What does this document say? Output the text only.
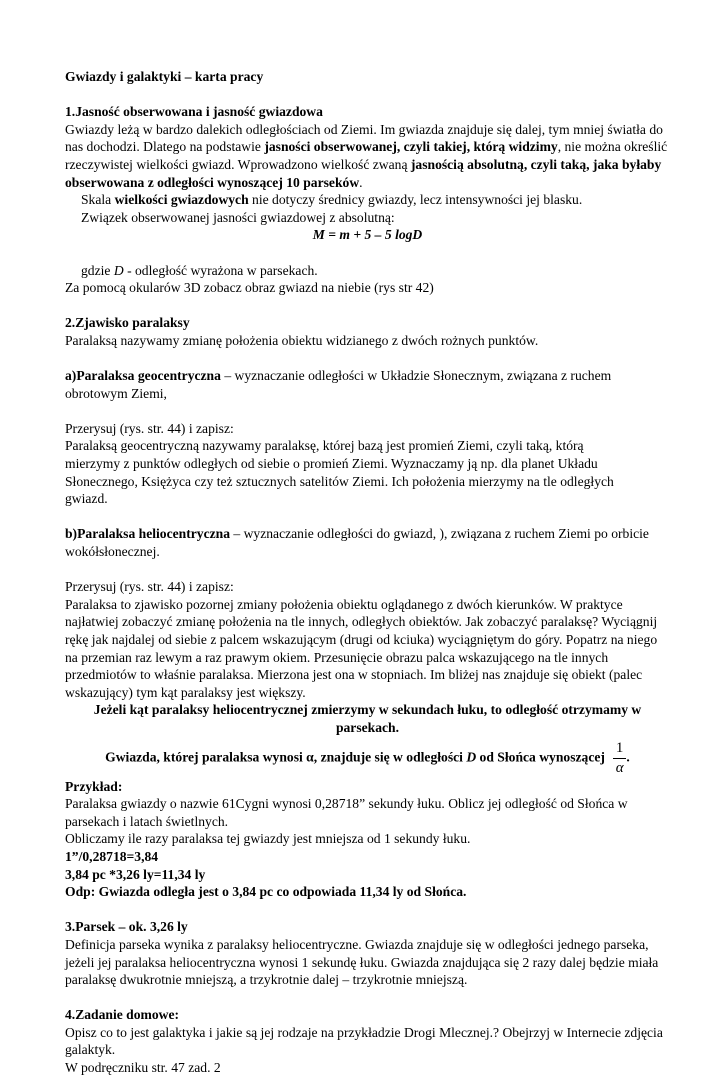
Gwiazdy i galaktyki – karta pracy

1.Jasność obserwowana i jasność gwiazdowa

Gwiazdy leżą w bardzo dalekich odległościach od Ziemi. Im gwiazda znajduje się dalej, tym mniej światła do nas dochodzi. Dlatego na podstawie jasności obserwowanej, czyli takiej, którą widzimy, nie można określić rzeczywistej wielkości gwiazd. Wprowadzono wielkość zwaną jasnością absolutną, czyli taką, jaka byłaby obserwowana z odległości wynoszącej 10 parseków.

Skala wielkości gwiazdowych nie dotyczy średnicy gwiazdy, lecz intensywności jej blasku.

Związek obserwowanej jasności gwiazdowej z absolutną:

M = m + 5 – 5 logD

gdzie D - odległość wyrażona w parsekach.

Za pomocą okularów 3D zobacz obraz gwiazd na niebie (rys str 42)

2.Zjawisko paralaksy

Paralaksą nazywamy zmianę położenia obiektu widzianego z dwóch rożnych punktów.

a)Paralaksa geocentryczna – wyznaczanie odległości w Układzie Słonecznym, związana z ruchem obrotowym Ziemi,

Przerysuj (rys. str. 44) i zapisz:

Paralaksą geocentryczną nazywamy paralaksę, której bazą jest promień Ziemi, czyli taką, którą mierzymy z punktów odległych od siebie o promień Ziemi. Wyznaczamy ją np. dla planet Układu Słonecznego, Księżyca czy też sztucznych satelitów Ziemi. Ich położenia mierzymy na tle odległych gwiazd.

b)Paralaksa heliocentryczna – wyznaczanie odległości do gwiazd, ), związana z ruchem Ziemi po orbicie wokółsłonecznej.

Przerysuj (rys. str. 44) i zapisz:

Paralaksa to zjawisko pozornej zmiany położenia obiektu oglądanego z dwóch kierunków. W praktyce najłatwiej zobaczyć zmianę położenia na tle innych, odległych obiektów. Jak zobaczyć paralaksę? Wyciągnij rękę jak najdalej od siebie z palcem wskazującym (drugi od kciuka) wyciągniętym do góry. Popatrz na niego na przemian raz lewym a raz prawym okiem. Przesunięcie obrazu palca wskazującego na tle innych przedmiotów to właśnie paralaksa. Mierzona jest ona w stopniach. Im bliżej nas znajduje się obiekt (palec wskazujący) tym kąt paralaksy jest większy.

Jeżeli kąt paralaksy heliocentrycznej zmierzymy w sekundach łuku, to odległość otrzymamy w parsekach.

Gwiazda, której paralaksa wynosi α, znajduje się w odległości D od Słońca wynoszącej $\frac{1}{\alpha}$ .

Przykład:

Paralaksa gwiazdy o nazwie 61Cygni wynosi 0,28718” sekundy łuku. Oblicz jej odległość od Słońca w parsekach i latach świetlnych.

Obliczamy ile razy paralaksa tej gwiazdy jest mniejsza od 1 sekundy łuku.

1”/0,28718=3,84

3,84 pc *3,26 ly=11,34 ly

Odp: Gwiazda odległa jest o 3,84 pc co odpowiada 11,34 ly od Słońca.

3.Parsek – ok. 3,26 ly

Definicja parseka wynika z paralaksy heliocentryczne. Gwiazda znajduje się w odległości jednego parseka, jeżeli jej paralaksa heliocentryczna wynosi 1 sekundę łuku. Gwiazda znajdująca się 2 razy dalej będzie miała paralaksę dwukrotnie mniejszą, a trzykrotnie dalej – trzykrotnie mniejszą.

4.Zadanie domowe:

Opisz co to jest galaktyka i jakie są jej rodzaje na przykładzie Drogi Mlecznej.? Obejrzyj w Internecie zdjęcia galaktyk.

W podręczniku str. 47 zad. 2
